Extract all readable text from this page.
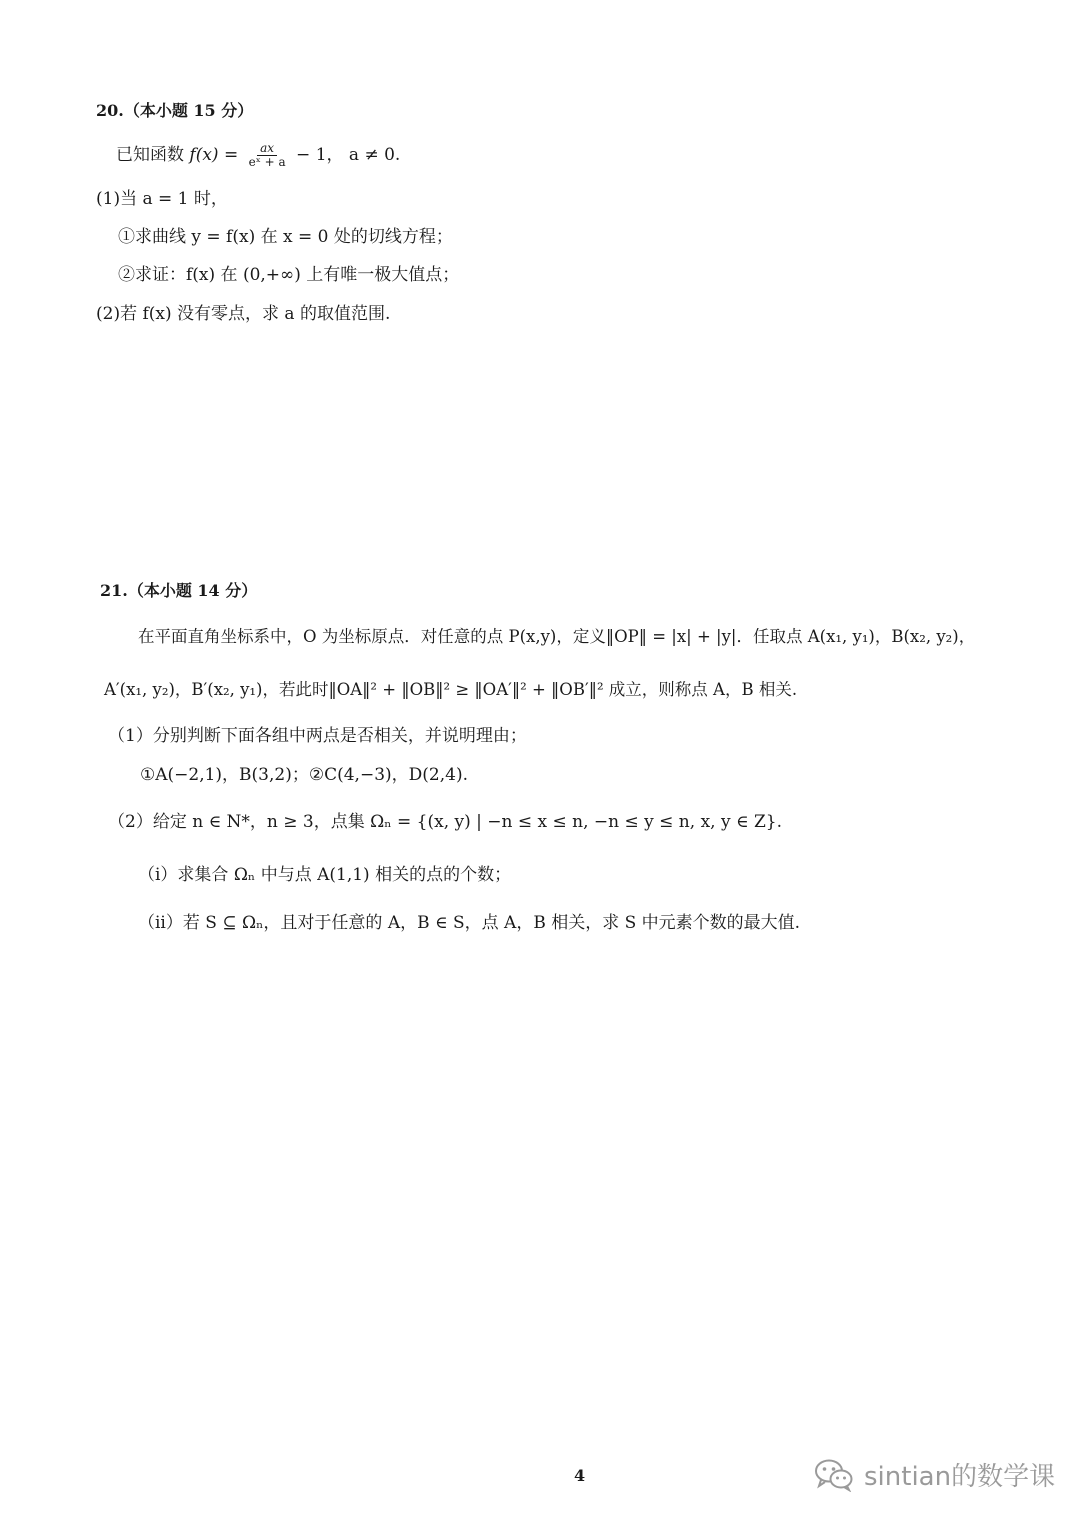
20.（本小题 15 分）
已知函数 $f(x) = \frac{ax}{\text{eˣ + a}} - 1$， a ≠ 0.
(1)当 a = 1 时，
①求曲线 y = f(x) 在 x = 0 处的切线方程；
②求证：f(x) 在 (0,+∞) 上有唯一极大值点；
(2)若 f(x) 没有零点，求 a 的取值范围.
21.（本小题 14 分）
在平面直角坐标系中，O 为坐标原点．对任意的点 P(x,y)，定义‖OP‖ = |x| + |y|．任取点 A(x₁, y₁)，B(x₂, y₂)，
A′(x₁, y₂)，B′(x₂, y₁)，若此时‖OA‖² + ‖OB‖² ≥ ‖OA′‖² + ‖OB′‖² 成立，则称点 A，B 相关.
（1）分别判断下面各组中两点是否相关，并说明理由；
①A(−2,1)，B(3,2)；②C(4,−3)，D(2,4).
（2）给定 n ∈ N*，n ≥ 3，点集 Ωₙ = {(x, y) | −n ≤ x ≤ n, −n ≤ y ≤ n, x, y ∈ Z}.
（i）求集合 Ωₙ 中与点 A(1,1) 相关的点的个数；
（ii）若 S ⊆ Ωₙ，且对于任意的 A，B ∈ S，点 A，B 相关，求 S 中元素个数的最大值.
4	sintian的数学课
